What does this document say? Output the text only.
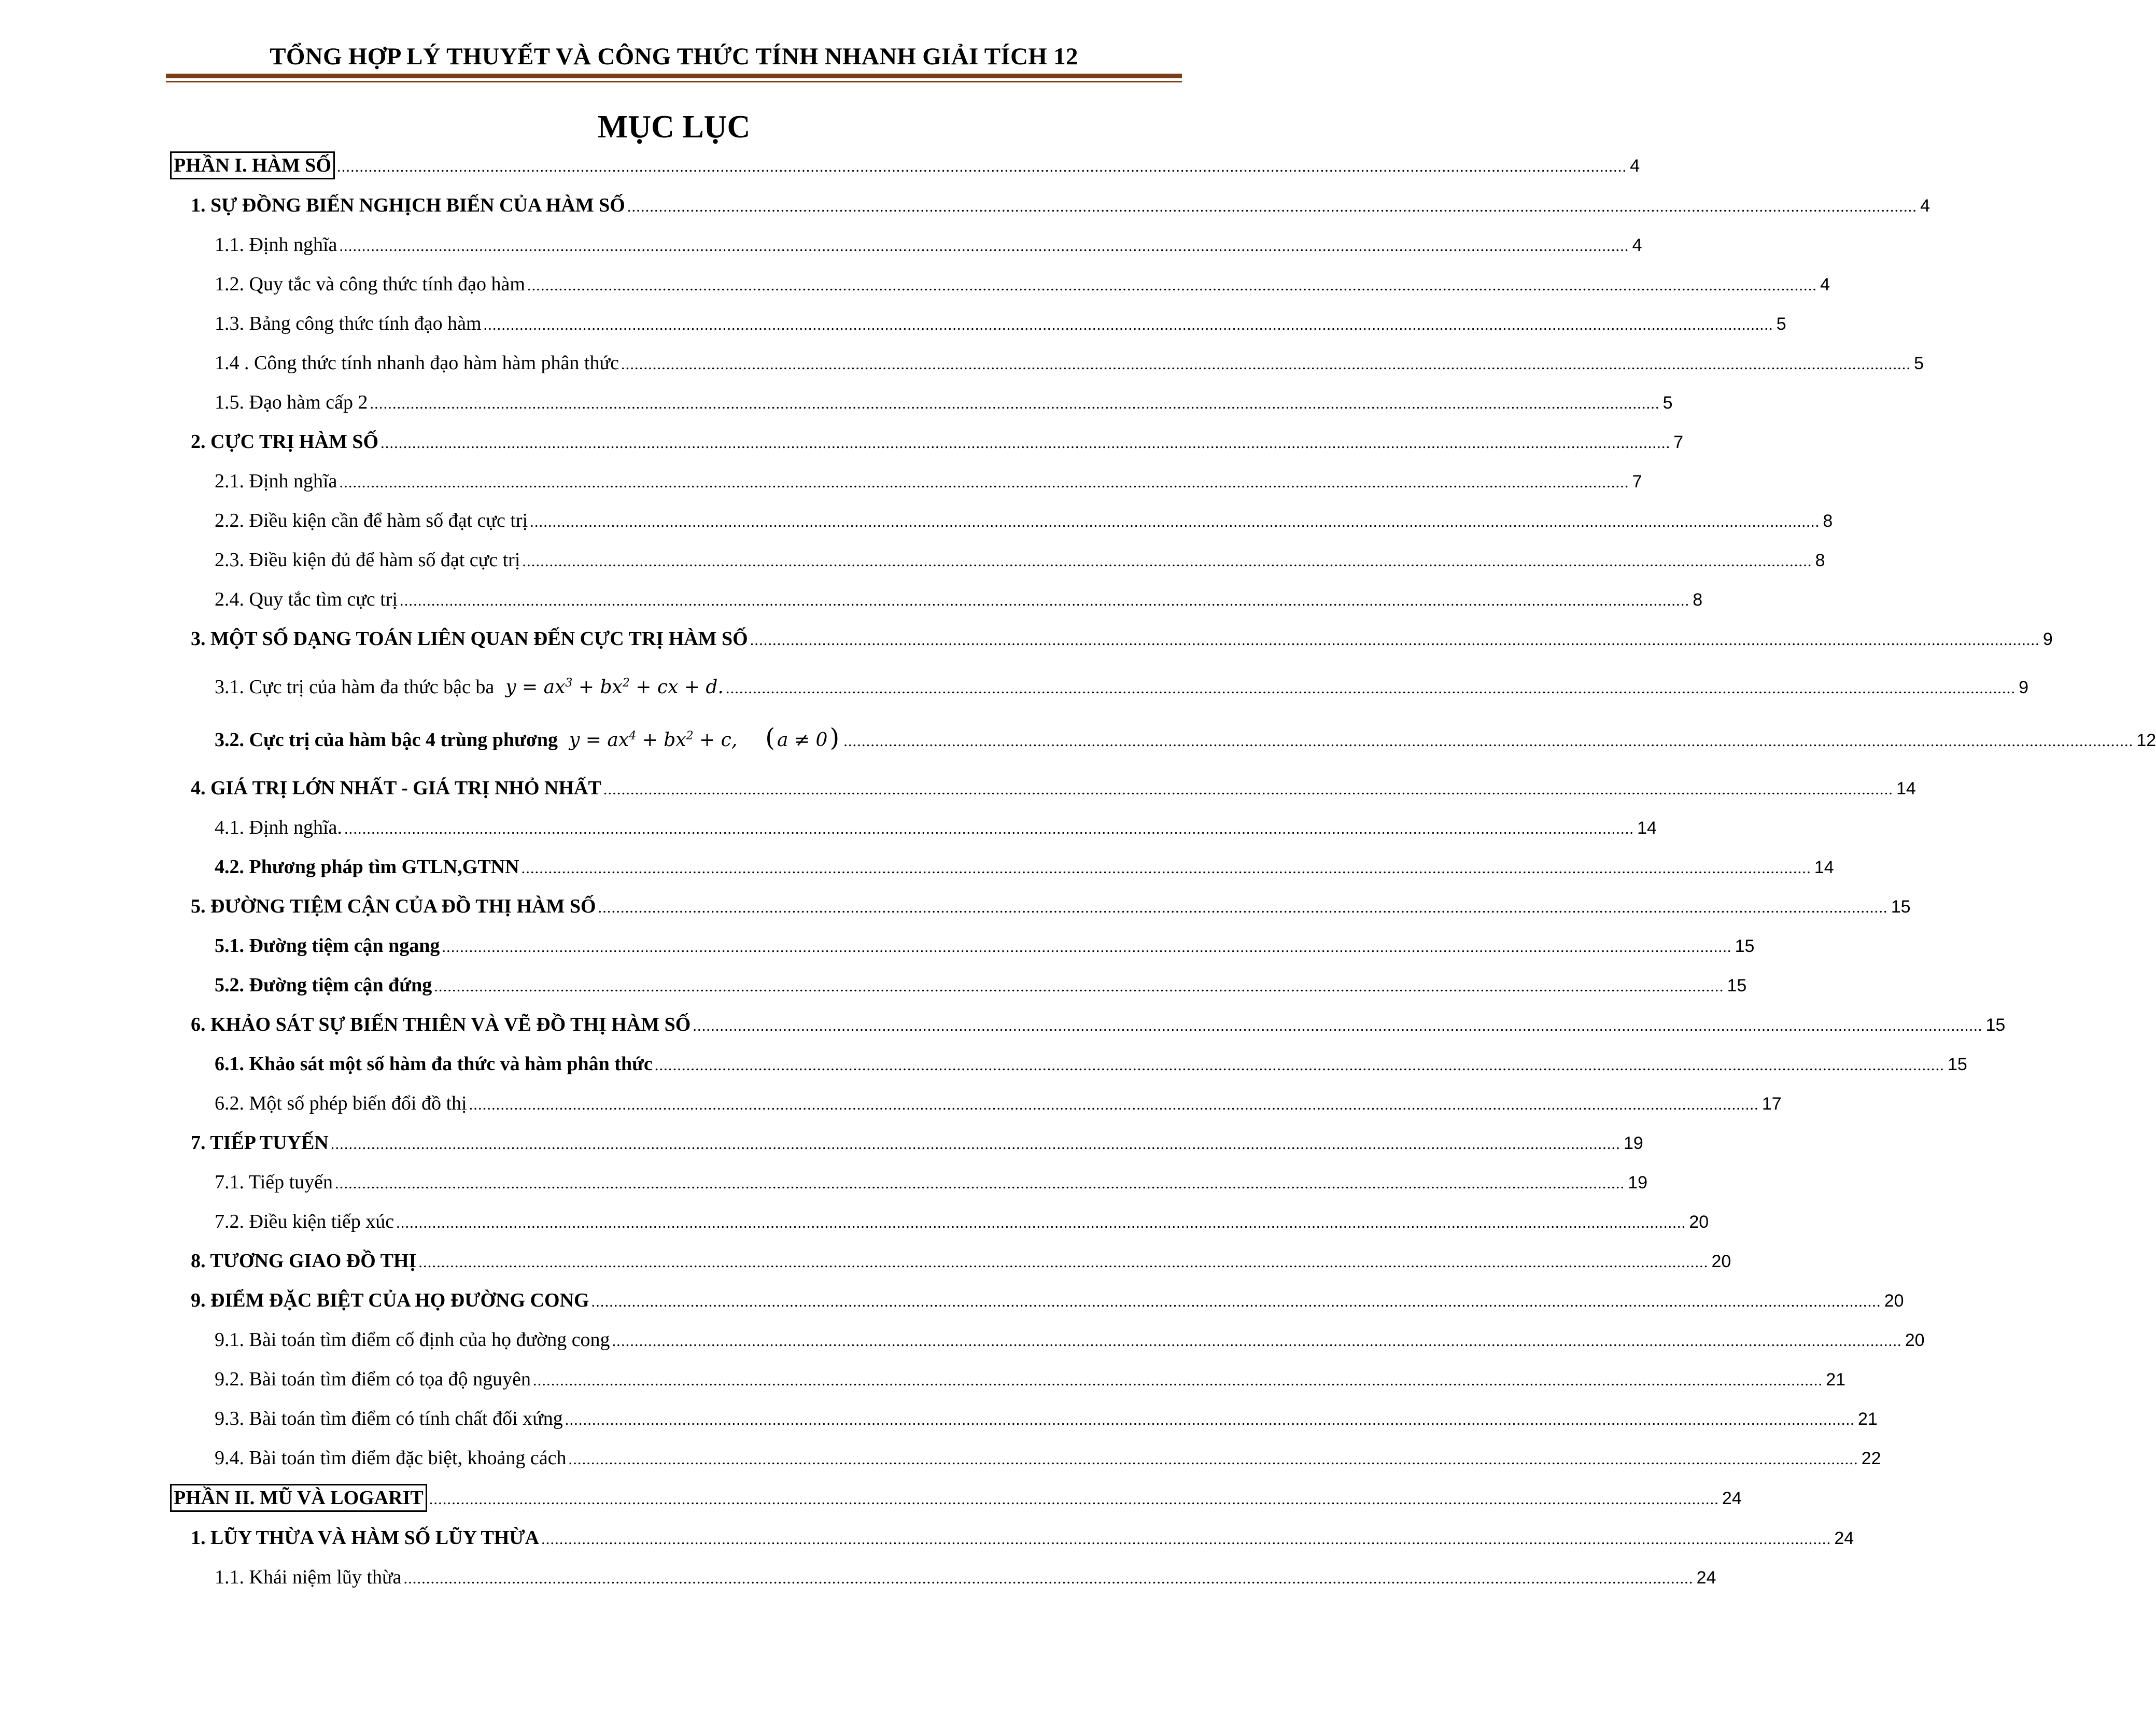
TỔNG HỢP LÝ THUYẾT VÀ CÔNG THỨC TÍNH NHANH GIẢI TÍCH 12
MỤC LỤC
PHẦN I. HÀM SỐ .............................................................................................................................................................................................................................................................................................. 4
1. SỰ ĐỒNG BIẾN NGHỊCH BIẾN CỦA HÀM SỐ .............................................................................................................................................................................................................................................................................................. 4
1.1. Định nghĩa .............................................................................................................................................................................................................................................................................................. 4
1.2. Quy tắc và công thức tính đạo hàm .............................................................................................................................................................................................................................................................................................. 4
1.3. Bảng công thức tính đạo hàm .............................................................................................................................................................................................................................................................................................. 5
1.4 . Công thức tính nhanh đạo hàm hàm phân thức .............................................................................................................................................................................................................................................................................................. 5
1.5. Đạo hàm cấp 2 .............................................................................................................................................................................................................................................................................................. 5
2. CỰC TRỊ HÀM SỐ .............................................................................................................................................................................................................................................................................................. 7
2.1. Định nghĩa .............................................................................................................................................................................................................................................................................................. 7
2.2. Điều kiện cần để hàm số đạt cực trị .............................................................................................................................................................................................................................................................................................. 8
2.3. Điều kiện đủ để hàm số đạt cực trị .............................................................................................................................................................................................................................................................................................. 8
2.4. Quy tắc tìm cực trị .............................................................................................................................................................................................................................................................................................. 8
3. MỘT SỐ DẠNG TOÁN LIÊN QUAN ĐẾN CỰC TRỊ HÀM SỐ .............................................................................................................................................................................................................................................................................................. 9
3.1. Cực trị của hàm đa thức bậc ba $y = ax^3 + bx^2$ + cx + d. .............................................................................................................................................................................................................................................................................................. 9
3.2. Cực trị của hàm bậc 4 trùng phương $y = ax^4 + bx^2 + c$, ( a ≠ 0) .............................................................................................................................................................................................................................................................................................. 12
4. GIÁ TRỊ LỚN NHẤT - GIÁ TRỊ NHỎ NHẤT .............................................................................................................................................................................................................................................................................................. 14
4.1. Định nghĩa. .............................................................................................................................................................................................................................................................................................. 14
4.2. Phương pháp tìm GTLN,GTNN .............................................................................................................................................................................................................................................................................................. 14
5. ĐƯỜNG TIỆM CẬN CỦA ĐỒ THỊ HÀM SỐ .............................................................................................................................................................................................................................................................................................. 15
5.1. Đường tiệm cận ngang .............................................................................................................................................................................................................................................................................................. 15
5.2. Đường tiệm cận đứng .............................................................................................................................................................................................................................................................................................. 15
6. KHẢO SÁT SỰ BIẾN THIÊN VÀ VẼ ĐỒ THỊ HÀM SỐ .............................................................................................................................................................................................................................................................................................. 15
6.1. Khảo sát một số hàm đa thức và hàm phân thức .............................................................................................................................................................................................................................................................................................. 15
6.2. Một số phép biến đổi đồ thị .............................................................................................................................................................................................................................................................................................. 17
7. TIẾP TUYẾN .............................................................................................................................................................................................................................................................................................. 19
7.1. Tiếp tuyến .............................................................................................................................................................................................................................................................................................. 19
7.2. Điều kiện tiếp xúc .............................................................................................................................................................................................................................................................................................. 20
8. TƯƠNG GIAO ĐỒ THỊ .............................................................................................................................................................................................................................................................................................. 20
9. ĐIỂM ĐẶC BIỆT CỦA HỌ ĐƯỜNG CONG .............................................................................................................................................................................................................................................................................................. 20
9.1. Bài toán tìm điểm cố định của họ đường cong .............................................................................................................................................................................................................................................................................................. 20
9.2. Bài toán tìm điểm có tọa độ nguyên .............................................................................................................................................................................................................................................................................................. 21
9.3. Bài toán tìm điểm có tính chất đối xứng .............................................................................................................................................................................................................................................................................................. 21
9.4. Bài toán tìm điểm đặc biệt, khoảng cách .............................................................................................................................................................................................................................................................................................. 22
PHẦN II. MŨ VÀ LOGARIT .............................................................................................................................................................................................................................................................................................. 24
1. LŨY THỪA VÀ HÀM SỐ LŨY THỪA .............................................................................................................................................................................................................................................................................................. 24
1.1. Khái niệm lũy thừa .............................................................................................................................................................................................................................................................................................. 24
